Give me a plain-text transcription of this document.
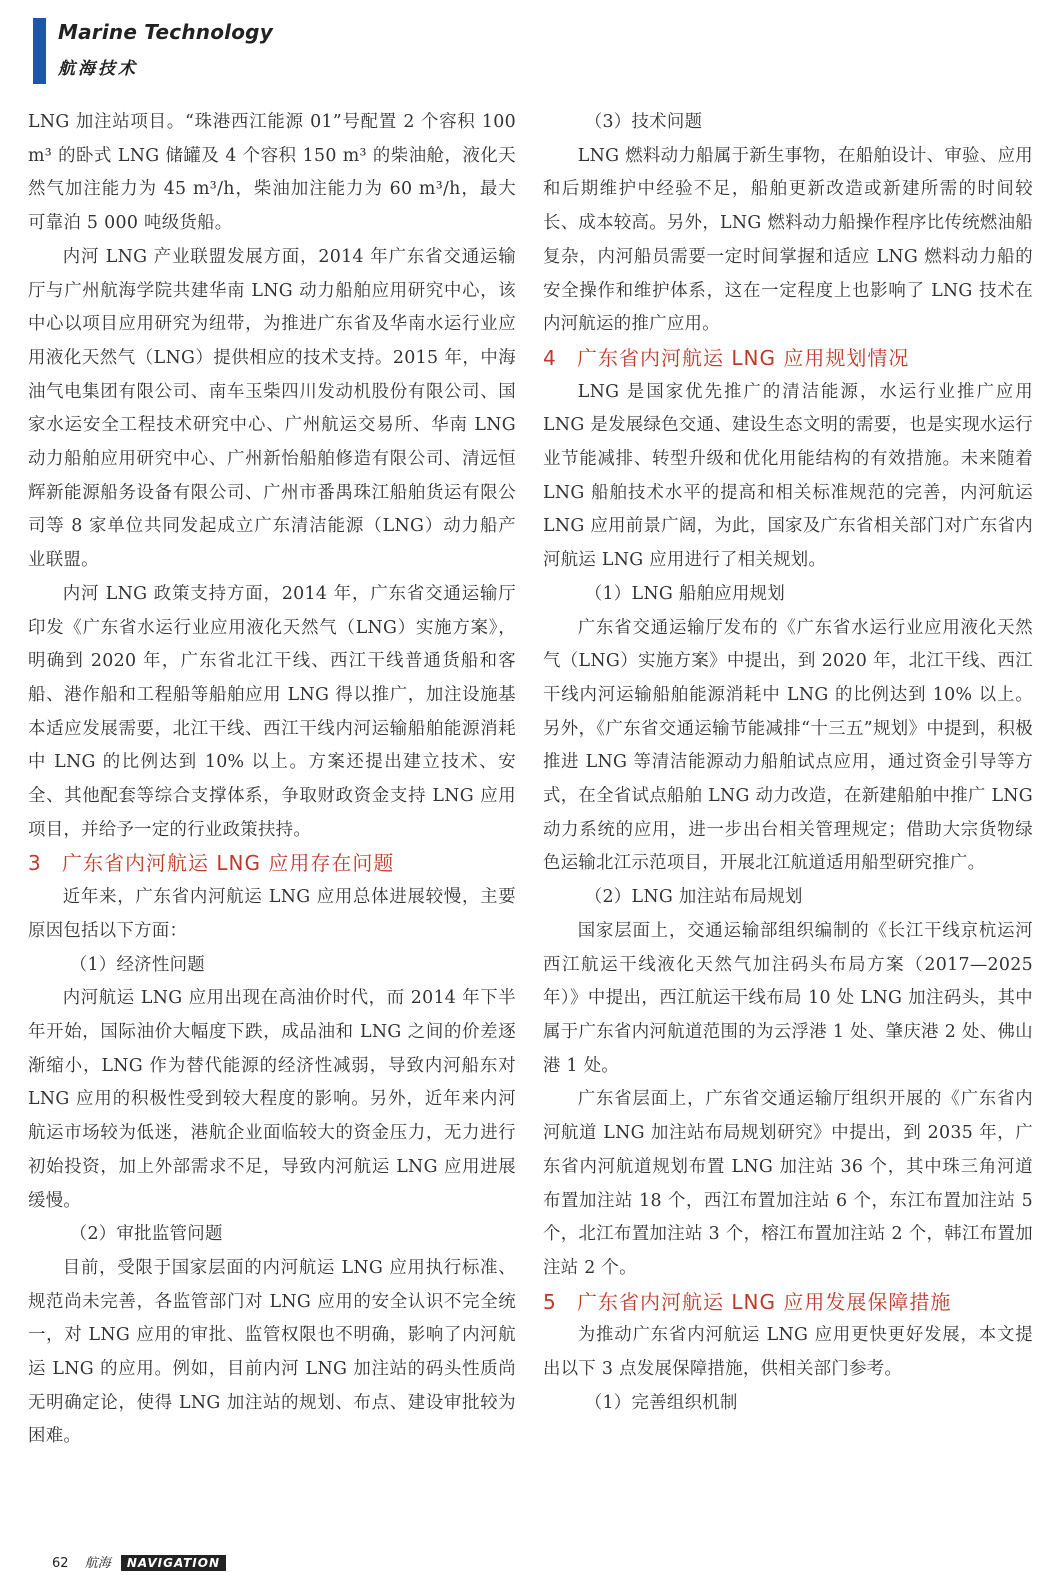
Marine Technology
航海技术

LNG 加注站项目。“珠港西江能源 01”号配置 2 个容积 100 m³ 的卧式 LNG 储罐及 4 个容积 150 m³ 的柴油舱，液化天然气加注能力为 45 m³/h，柴油加注能力为 60 m³/h，最大可靠泊 5 000 吨级货船。

内河 LNG 产业联盟发展方面，2014 年广东省交通运输厅与广州航海学院共建华南 LNG 动力船舶应用研究中心，该中心以项目应用研究为纽带，为推进广东省及华南水运行业应用液化天然气（LNG）提供相应的技术支持。2015 年，中海油气电集团有限公司、南车玉柴四川发动机股份有限公司、国家水运安全工程技术研究中心、广州航运交易所、华南 LNG 动力船舶应用研究中心、广州新怡船舶修造有限公司、清远恒辉新能源船务设备有限公司、广州市番禺珠江船舶货运有限公司等 8 家单位共同发起成立广东清洁能源（LNG）动力船产业联盟。

内河 LNG 政策支持方面，2014 年，广东省交通运输厅印发《广东省水运行业应用液化天然气（LNG）实施方案》，明确到 2020 年，广东省北江干线、西江干线普通货船和客船、港作船和工程船等船舶应用 LNG 得以推广，加注设施基本适应发展需要，北江干线、西江干线内河运输船舶能源消耗中 LNG 的比例达到 10% 以上。方案还提出建立技术、安全、其他配套等综合支撑体系，争取财政资金支持 LNG 应用项目，并给予一定的行业政策扶持。

3 广东省内河航运 LNG 应用存在问题

近年来，广东省内河航运 LNG 应用总体进展较慢，主要原因包括以下方面：

（1）经济性问题

内河航运 LNG 应用出现在高油价时代，而 2014 年下半年开始，国际油价大幅度下跌，成品油和 LNG 之间的价差逐渐缩小，LNG 作为替代能源的经济性减弱，导致内河船东对 LNG 应用的积极性受到较大程度的影响。另外，近年来内河航运市场较为低迷，港航企业面临较大的资金压力，无力进行初始投资，加上外部需求不足，导致内河航运 LNG 应用进展缓慢。

（2）审批监管问题

目前，受限于国家层面的内河航运 LNG 应用执行标准、规范尚未完善，各监管部门对 LNG 应用的安全认识不完全统一，对 LNG 应用的审批、监管权限也不明确，影响了内河航运 LNG 的应用。例如，目前内河 LNG 加注站的码头性质尚无明确定论，使得 LNG 加注站的规划、布点、建设审批较为困难。

（3）技术问题

LNG 燃料动力船属于新生事物，在船舶设计、审验、应用和后期维护中经验不足，船舶更新改造或新建所需的时间较长、成本较高。另外，LNG 燃料动力船操作程序比传统燃油船复杂，内河船员需要一定时间掌握和适应 LNG 燃料动力船的安全操作和维护体系，这在一定程度上也影响了 LNG 技术在内河航运的推广应用。

4 广东省内河航运 LNG 应用规划情况

LNG 是国家优先推广的清洁能源，水运行业推广应用 LNG 是发展绿色交通、建设生态文明的需要，也是实现水运行业节能减排、转型升级和优化用能结构的有效措施。未来随着 LNG 船舶技术水平的提高和相关标准规范的完善，内河航运 LNG 应用前景广阔，为此，国家及广东省相关部门对广东省内河航运 LNG 应用进行了相关规划。

（1）LNG 船舶应用规划

广东省交通运输厅发布的《广东省水运行业应用液化天然气（LNG）实施方案》中提出，到 2020 年，北江干线、西江干线内河运输船舶能源消耗中 LNG 的比例达到 10% 以上。另外，《广东省交通运输节能减排“十三五”规划》中提到，积极推进 LNG 等清洁能源动力船舶试点应用，通过资金引导等方式，在全省试点船舶 LNG 动力改造，在新建船舶中推广 LNG 动力系统的应用，进一步出台相关管理规定；借助大宗货物绿色运输北江示范项目，开展北江航道适用船型研究推广。

（2）LNG 加注站布局规划

国家层面上，交通运输部组织编制的《长江干线京杭运河西江航运干线液化天然气加注码头布局方案（2017—2025 年）》中提出，西江航运干线布局 10 处 LNG 加注码头，其中属于广东省内河航道范围的为云浮港 1 处、肇庆港 2 处、佛山港 1 处。

广东省层面上，广东省交通运输厅组织开展的《广东省内河航道 LNG 加注站布局规划研究》中提出，到 2035 年，广东省内河航道规划布置 LNG 加注站 36 个，其中珠三角河道布置加注站 18 个，西江布置加注站 6 个，东江布置加注站 5 个，北江布置加注站 3 个，榕江布置加注站 2 个，韩江布置加注站 2 个。

5 广东省内河航运 LNG 应用发展保障措施

为推动广东省内河航运 LNG 应用更快更好发展，本文提出以下 3 点发展保障措施，供相关部门参考。

（1）完善组织机制

62 航海 NAVIGATION
